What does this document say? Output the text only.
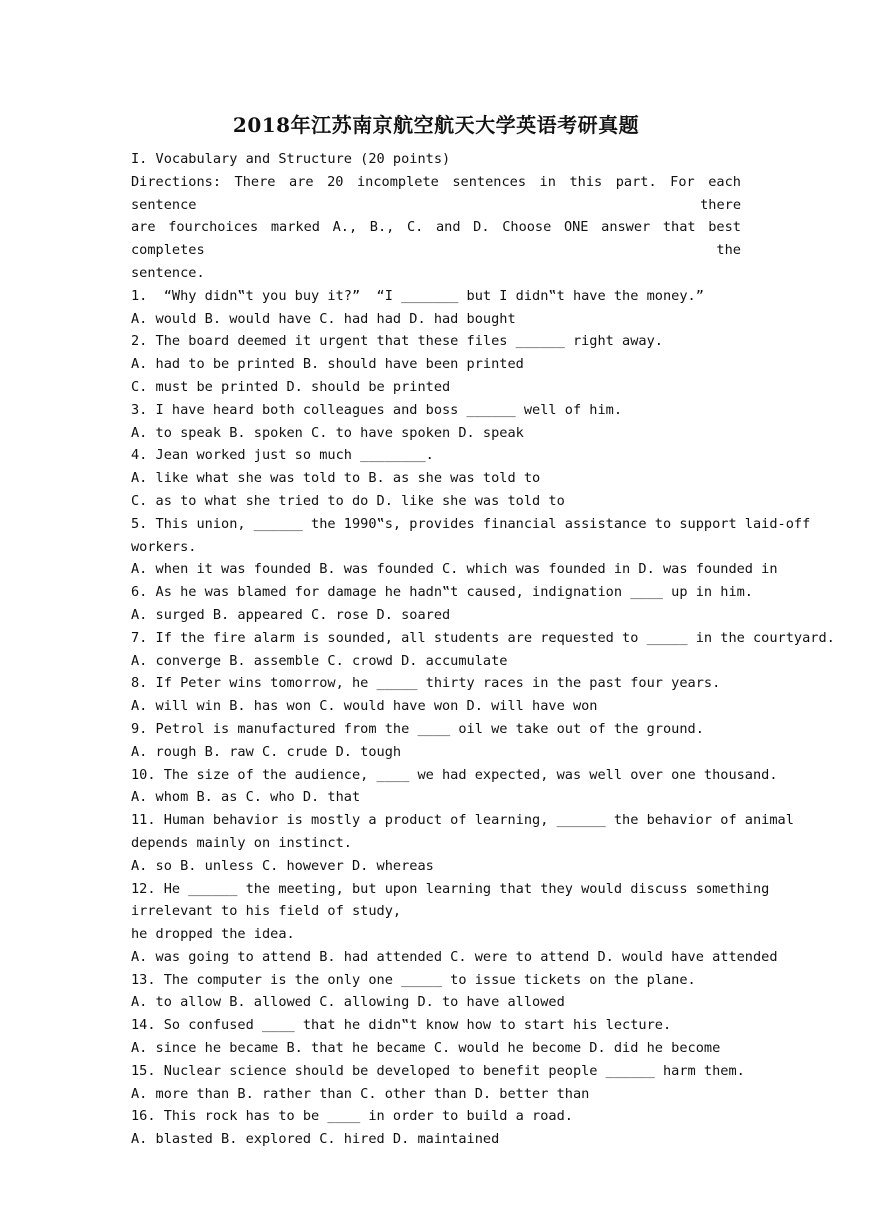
2018年江苏南京航空航天大学英语考研真题
I. Vocabulary and Structure (20 points)
Directions: There are 20 incomplete sentences in this part. For each sentence there
are fourchoices marked A., B., C. and D. Choose ONE answer that best completes the
sentence.
1.  “Why didn‟t you buy it?”  “I _______ but I didn‟t have the money.”
A. would B. would have C. had had D. had bought
2. The board deemed it urgent that these files ______ right away.
A. had to be printed B. should have been printed
C. must be printed D. should be printed
3. I have heard both colleagues and boss ______ well of him.
A. to speak B. spoken C. to have spoken D. speak
4. Jean worked just so much ________.
A. like what she was told to B. as she was told to
C. as to what she tried to do D. like she was told to
5. This union, ______ the 1990‟s, provides financial assistance to support laid-off
workers.
A. when it was founded B. was founded C. which was founded in D. was founded in
6. As he was blamed for damage he hadn‟t caused, indignation ____ up in him.
A. surged B. appeared C. rose D. soared
7. If the fire alarm is sounded, all students are requested to _____ in the courtyard.
A. converge B. assemble C. crowd D. accumulate
8. If Peter wins tomorrow, he _____ thirty races in the past four years.
A. will win B. has won C. would have won D. will have won
9. Petrol is manufactured from the ____ oil we take out of the ground.
A. rough B. raw C. crude D. tough
10. The size of the audience, ____ we had expected, was well over one thousand.
A. whom B. as C. who D. that
11. Human behavior is mostly a product of learning, ______ the behavior of animal
depends mainly on instinct.
A. so B. unless C. however D. whereas
12. He ______ the meeting, but upon learning that they would discuss something
irrelevant to his field of study,
he dropped the idea.
A. was going to attend B. had attended C. were to attend D. would have attended
13. The computer is the only one _____ to issue tickets on the plane.
A. to allow B. allowed C. allowing D. to have allowed
14. So confused ____ that he didn‟t know how to start his lecture.
A. since he became B. that he became C. would he become D. did he become
15. Nuclear science should be developed to benefit people ______ harm them.
A. more than B. rather than C. other than D. better than
16. This rock has to be ____ in order to build a road.
A. blasted B. explored C. hired D. maintained
